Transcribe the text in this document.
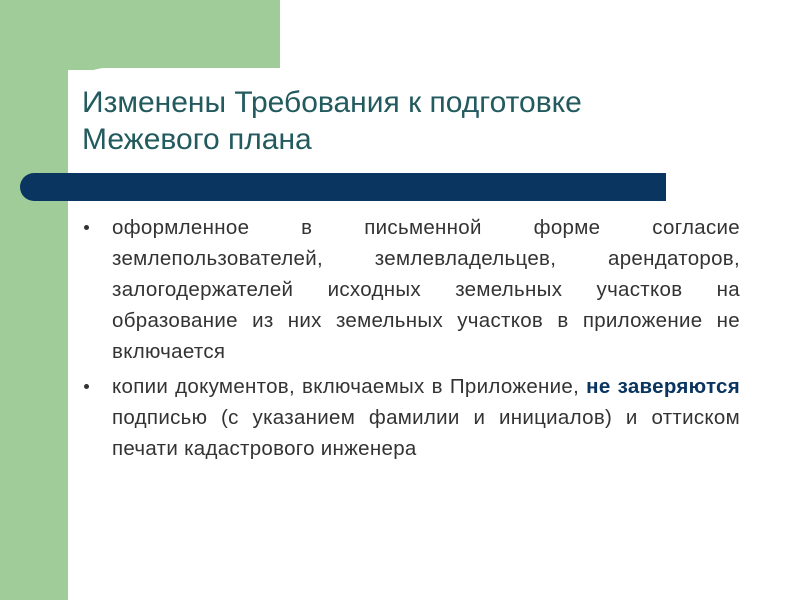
Изменены Требования к подготовке
Межевого плана

оформленное в письменной форме согласие землепользователей, землевладельцев, арендаторов, залогодержателей исходных земельных участков на образование из них земельных участков в приложение не включается

копии документов, включаемых в Приложение, не заверяются подписью (с указанием фамилии и инициалов) и оттиском печати кадастрового инженера
